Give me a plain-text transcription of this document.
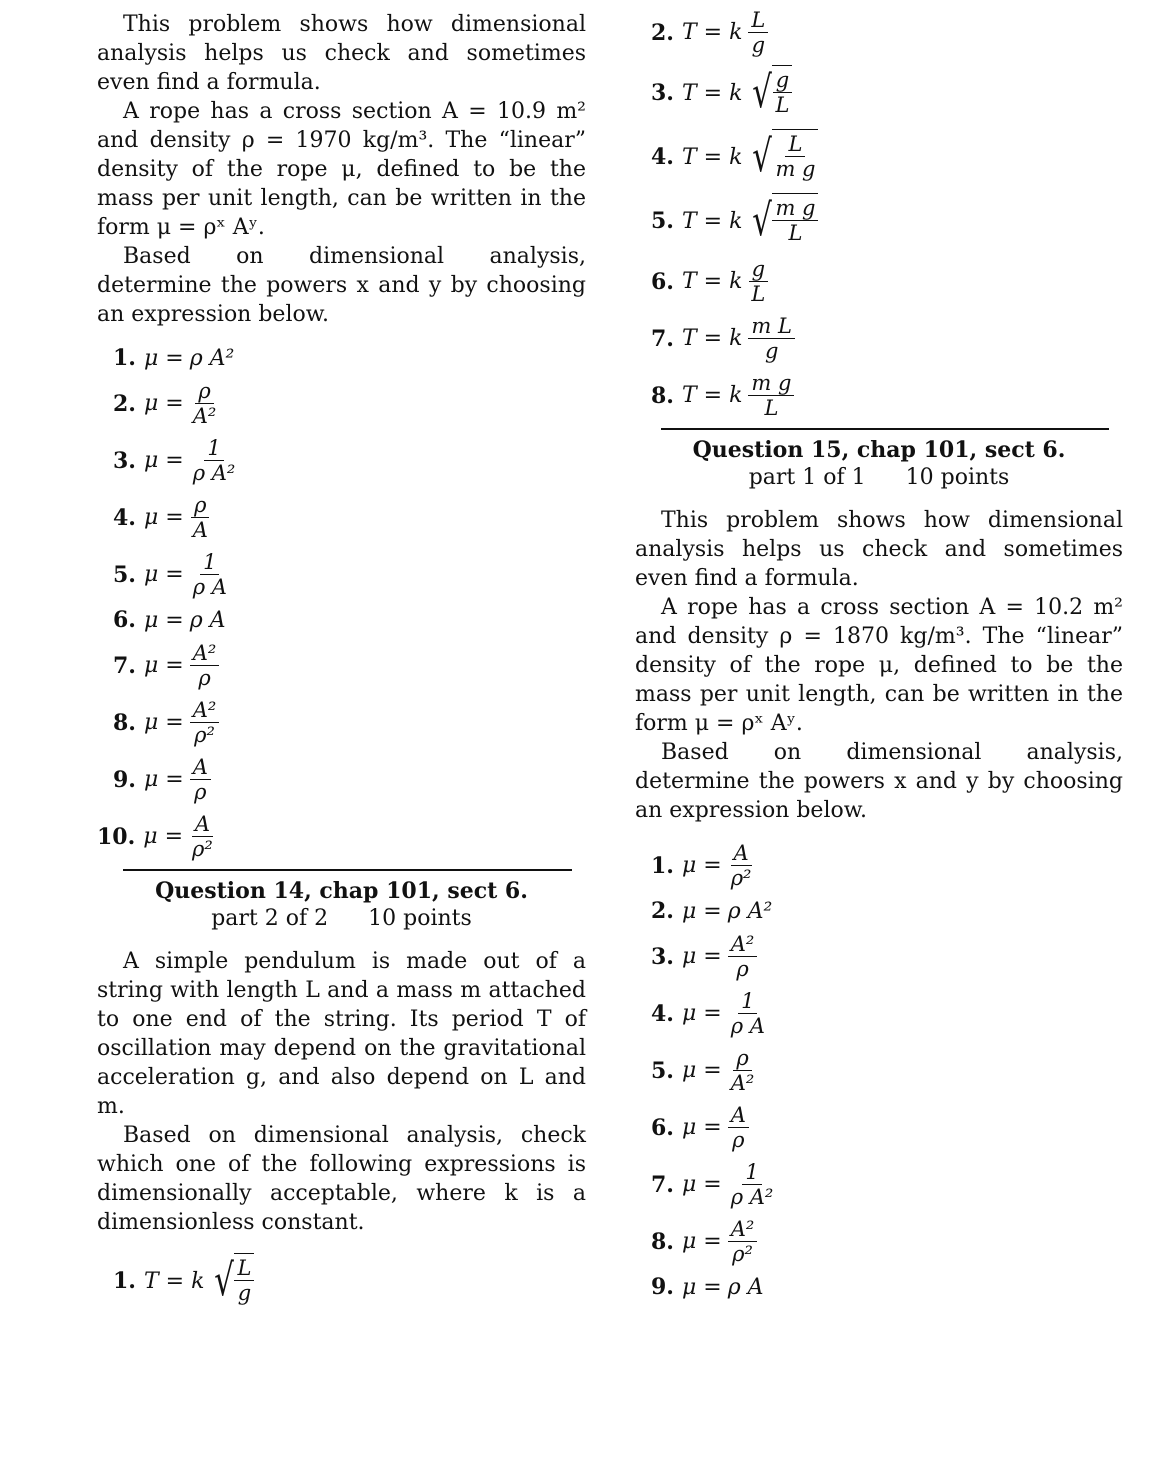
This problem shows how dimensional analysis helps us check and sometimes even find a formula.

A rope has a cross section A = 10.9 m² and density ρ = 1970 kg/m³. The “linear” density of the rope μ, defined to be the mass per unit length, can be written in the form μ = ρˣ Aʸ.

Based on dimensional analysis, determine the powers x and y by choosing an expression below.

1. μ = ρ A²
2. $\mu = \frac{\rho}{\text{A²}}$
3. $\mu = \frac{1}{\text{ρ A²}}$
4. $\mu = \frac{\rho}{A}$
5. $\mu = \frac{1}{\text{ρ A}}$
6. μ = ρ A
7. $\mu = \frac{\text{A²}}{\rho}$
8. $\mu = \frac{\text{A²}}{\text{ρ²}}$
9. $\mu = \frac{A}{\rho}$
10. $\mu = \frac{A}{\text{ρ²}}$
Question 14, chap 101, sect 6.
part 2 of 2 10 points

A simple pendulum is made out of a string with length L and a mass m attached to one end of the string. Its period T of oscillation may depend on the gravitational acceleration g, and also depend on L and m.

Based on dimensional analysis, check which one of the following expressions is dimensionally acceptable, where k is a dimensionless constant.

1. T = k √ $\frac{L}{g}$
2. T = k $\frac{L}{g}$
3. T = k √ $\frac{g}{L}$
4. T = k √ $\frac{L}{\text{m g}}$
5. T = k √ $\frac{\text{m g}}{L}$
6. T = k $\frac{g}{L}$
7. T = k $\frac{\text{m L}}{g}$
8. T = k $\frac{\text{m g}}{L}$
Question 15, chap 101, sect 6.
part 1 of 1 10 points

This problem shows how dimensional analysis helps us check and sometimes even find a formula.

A rope has a cross section A = 10.2 m² and density ρ = 1870 kg/m³. The “linear” density of the rope μ, defined to be the mass per unit length, can be written in the form μ = ρˣ Aʸ.

Based on dimensional analysis, determine the powers x and y by choosing an expression below.

1. $\mu = \frac{A}{\text{ρ²}}$
2. μ = ρ A²
3. $\mu = \frac{\text{A²}}{\rho}$
4. $\mu = \frac{1}{\text{ρ A}}$
5. $\mu = \frac{\rho}{\text{A²}}$
6. $\mu = \frac{A}{\rho}$
7. $\mu = \frac{1}{\text{ρ A²}}$
8. $\mu = \frac{\text{A²}}{\text{ρ²}}$
9. μ = ρ A
